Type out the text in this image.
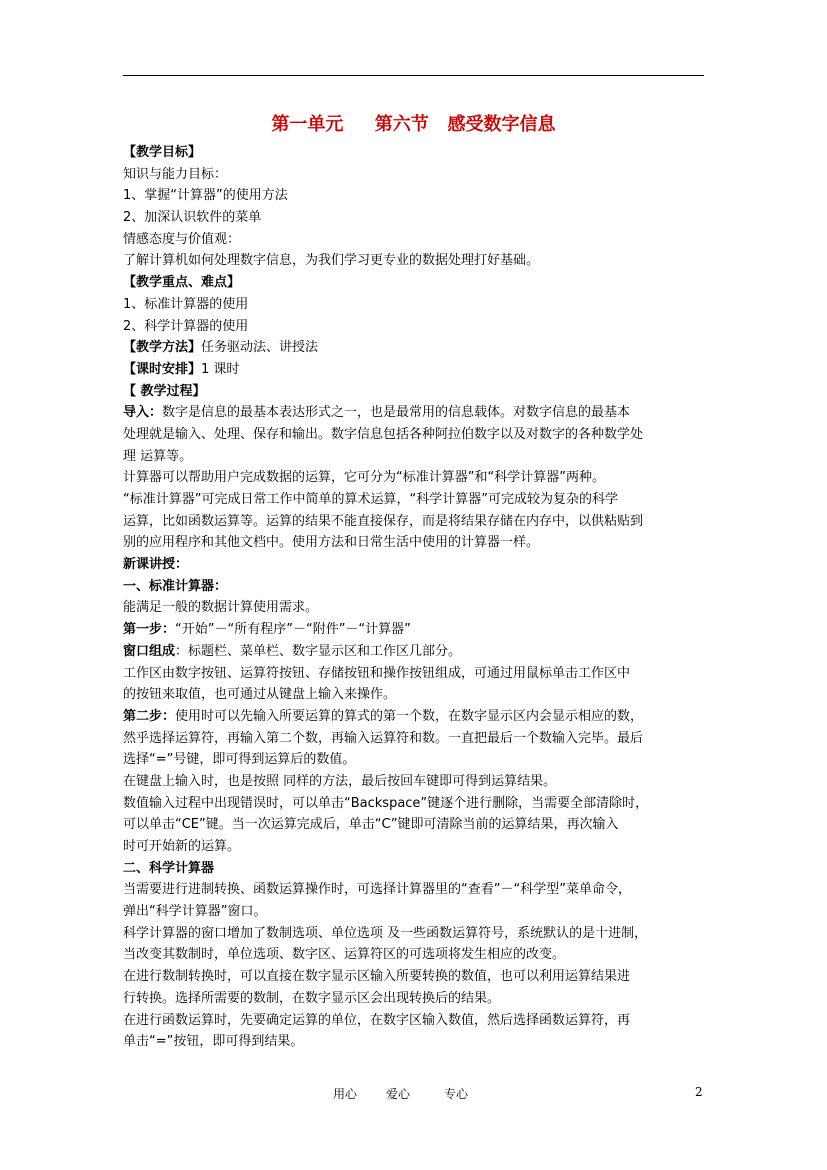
第一单元     第六节   感受数字信息
【教学目标】
知识与能力目标：
1、掌握“计算器”的使用方法
2、加深认识软件的菜单
情感态度与价值观：
了解计算机如何处理数字信息，为我们学习更专业的数据处理打好基础。
【教学重点、难点】
1、标准计算器的使用
2、科学计算器的使用
【教学方法】任务驱动法、讲授法
【课时安排】1 课时
【 教学过程】
导入：数字是信息的最基本表达形式之一，也是最常用的信息载体。对数字信息的最基本
处理就是输入、处理、保存和输出。数字信息包括各种阿拉伯数字以及对数字的各种数学处
理 运算等。
计算器可以帮助用户完成数据的运算，它可分为“标准计算器”和“科学计算器”两种。
“标准计算器”可完成日常工作中简单的算术运算，“科学计算器”可完成较为复杂的科学
运算，比如函数运算等。运算的结果不能直接保存，而是将结果存储在内存中，以供粘贴到
别的应用程序和其他文档中。使用方法和日常生活中使用的计算器一样。
新课讲授：
一、标准计算器：
能满足一般的数据计算使用需求。
第一步：“开始”－“所有程序”－“附件”－“计算器”
窗口组成：标题栏、菜单栏、数字显示区和工作区几部分。
工作区由数字按钮、运算符按钮、存储按钮和操作按钮组成，可通过用鼠标单击工作区中
的按钮来取值，也可通过从键盘上输入来操作。
第二步：使用时可以先输入所要运算的算式的第一个数，在数字显示区内会显示相应的数，
然乎选择运算符，再输入第二个数，再输入运算符和数。一直把最后一个数输入完毕。最后
选择“=”号键，即可得到运算后的数值。
在键盘上输入时，也是按照 同样的方法，最后按回车键即可得到运算结果。
数值输入过程中出现错误时，可以单击“Backspace”键逐个进行删除，当需要全部清除时，
可以单击“CE”键。当一次运算完成后，单击“C”键即可清除当前的运算结果，再次输入
时可开始新的运算。
二、科学计算器
当需要进行进制转换、函数运算操作时，可选择计算器里的“查看”－“科学型”菜单命令，
弹出“科学计算器”窗口。
科学计算器的窗口增加了数制选项、单位选项 及一些函数运算符号，系统默认的是十进制，
当改变其数制时，单位选项、数字区、运算符区的可选项将发生相应的改变。
在进行数制转换时，可以直接在数字显示区输入所要转换的数值，也可以利用运算结果进
行转换。选择所需要的数制，在数字显示区会出现转换后的结果。
在进行函数运算时，先要确定运算的单位，在数字区输入数值，然后选择函数运算符，再
单击“=”按钮，即可得到结果。
用心 爱心	专心	2
